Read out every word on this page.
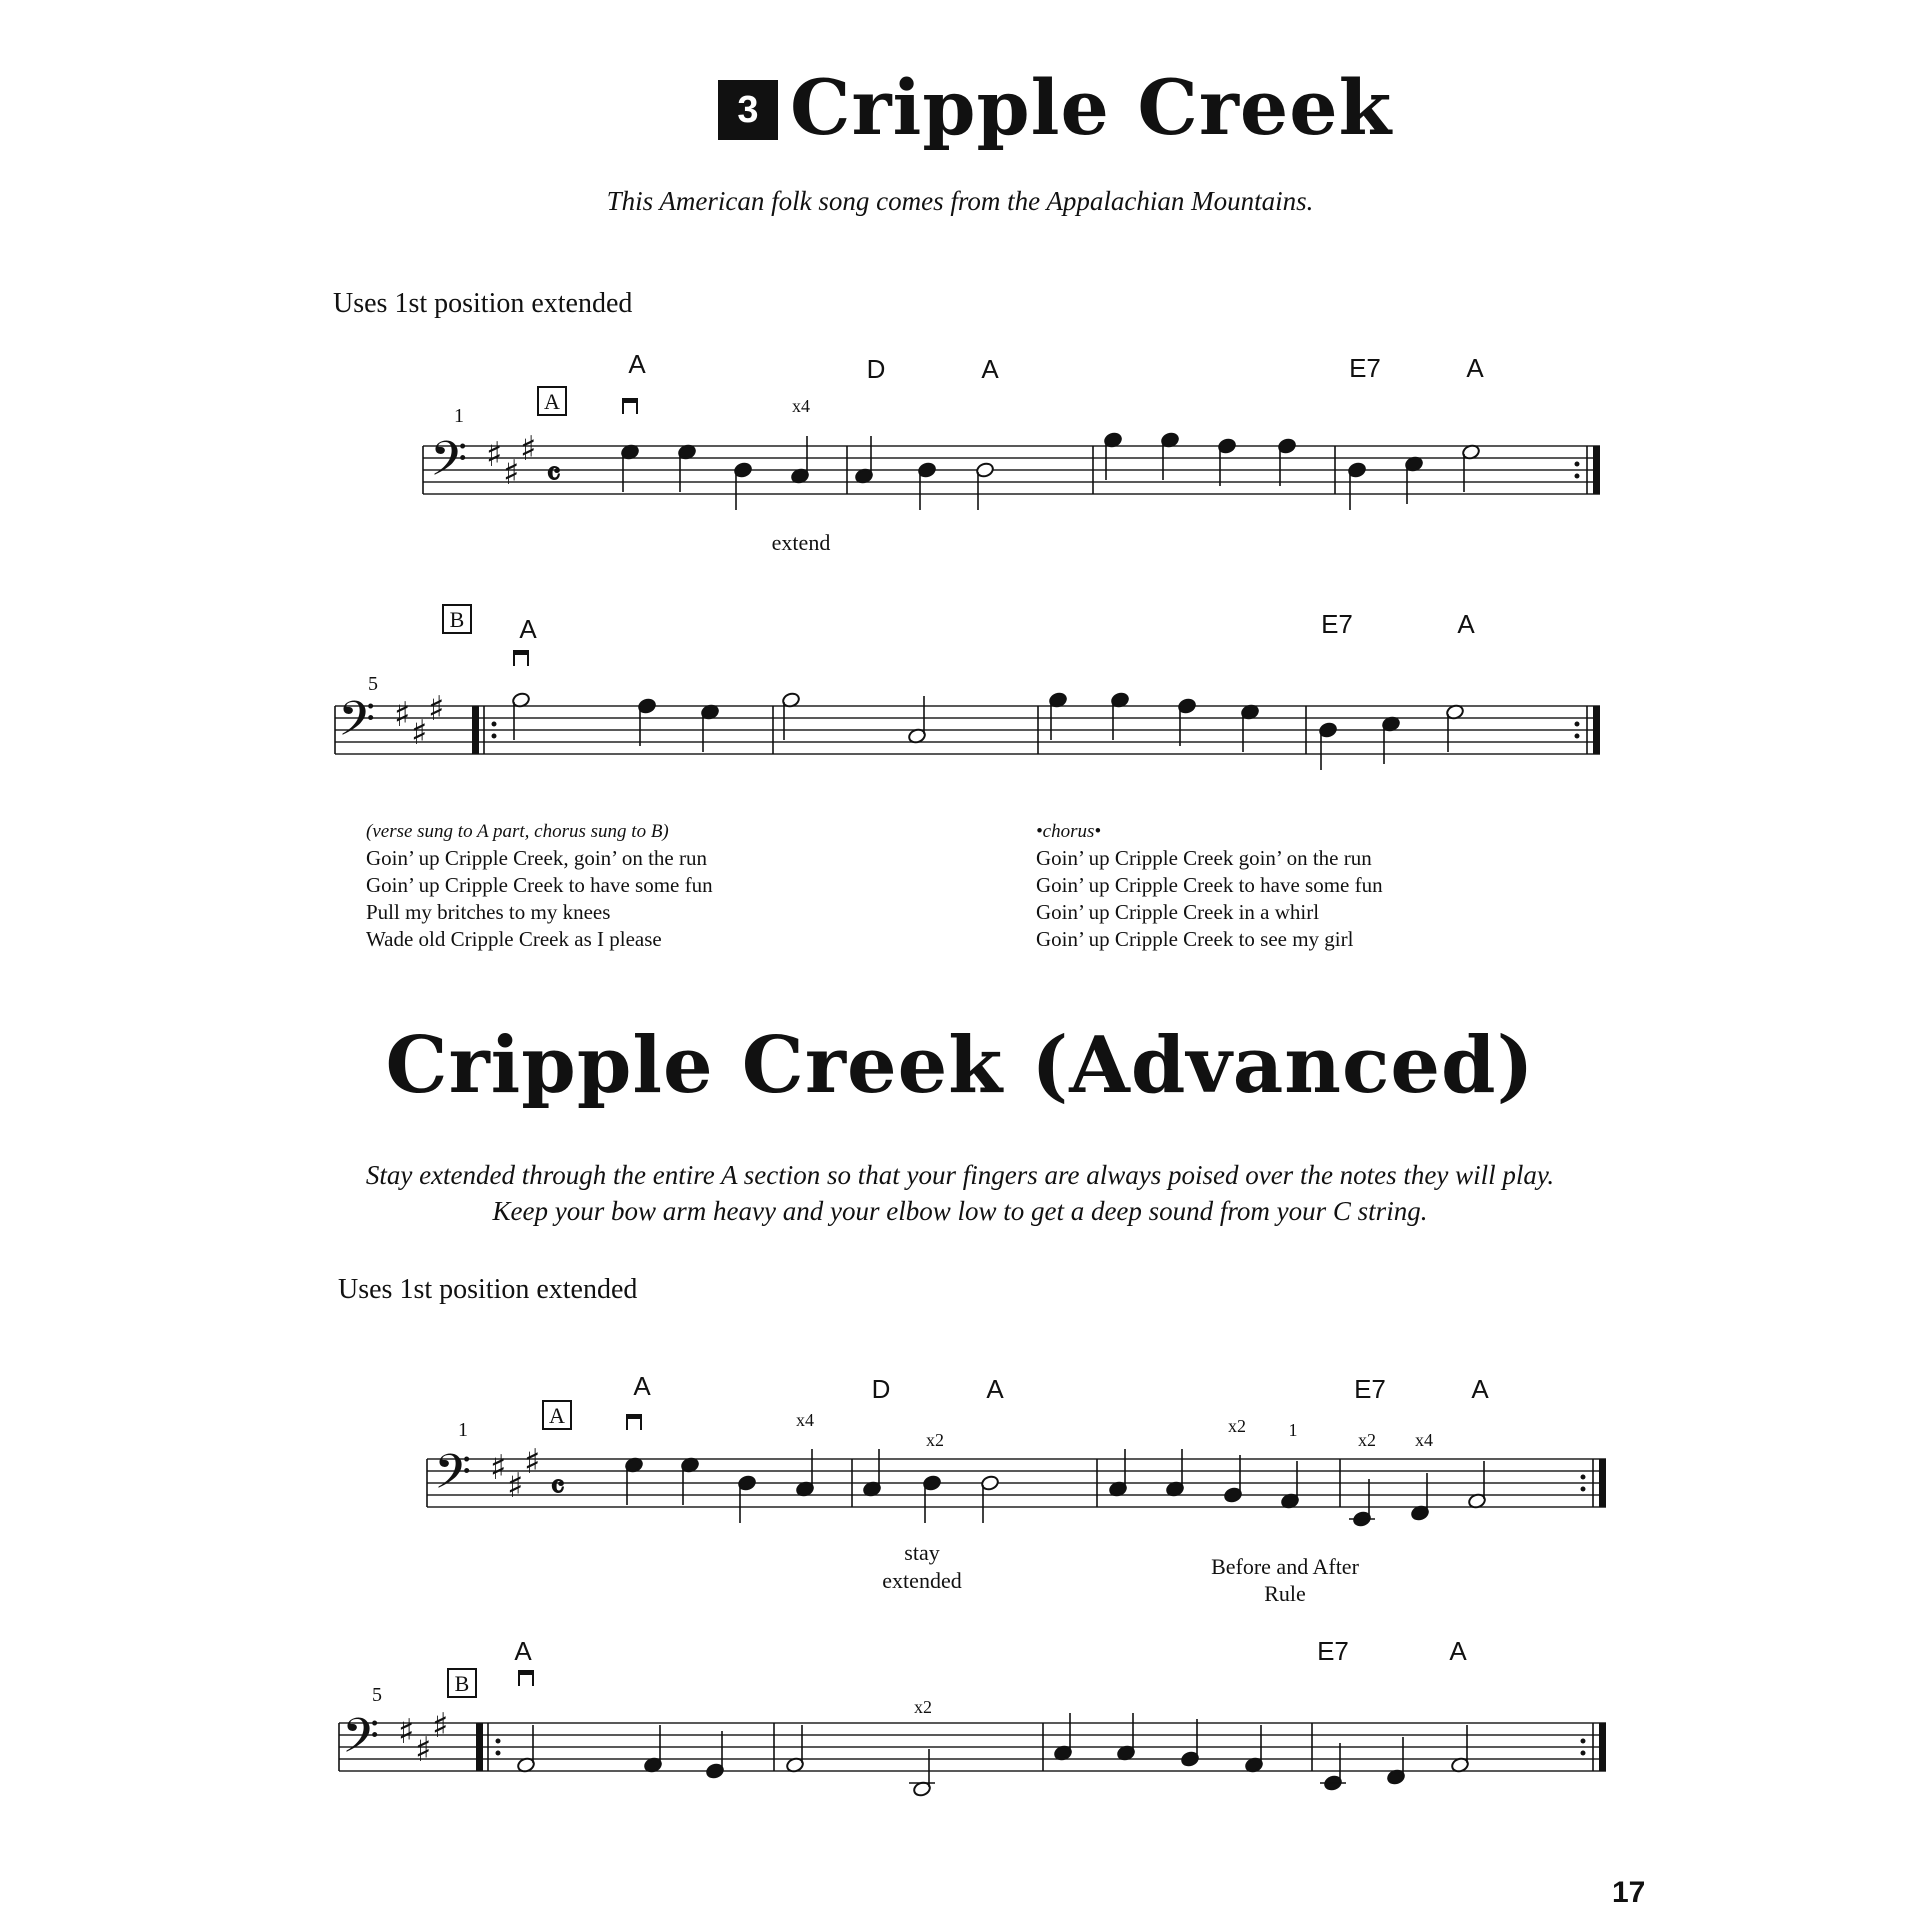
3 Cripple Creek
This American folk song comes from the Appalachian Mountains.
Uses 1st position extended
(verse sung to A part, chorus sung to B)
Goin’ up Cripple Creek, goin’ on the run
Goin’ up Cripple Creek to have some fun
Pull my britches to my knees
Wade old Cripple Creek as I please
•chorus•
Goin’ up Cripple Creek goin’ on the run
Goin’ up Cripple Creek to have some fun
Goin’ up Cripple Creek in a whirl
Goin’ up Cripple Creek to see my girl
Cripple Creek (Advanced)
Stay extended through the entire A section so that your fingers are always poised over the notes they will play.
Keep your bow arm heavy and your elbow low to get a deep sound from your C string.
Uses 1st position extended
17
𝄢 ♯ ♯
♯
𝄴
𝄢 ♯ ♯
♯
𝄢 ♯ ♯
♯
𝄴
𝄢 ♯ ♯
♯
A	D	A	E7	A
A	E7	A
A	D	A	E7	A
A	E7	A
1
5
1
5
A
B
A
B
x4
extend
x4
x2
x2 1	x2 x4
stay
extended
Before and After
Rule
x2
